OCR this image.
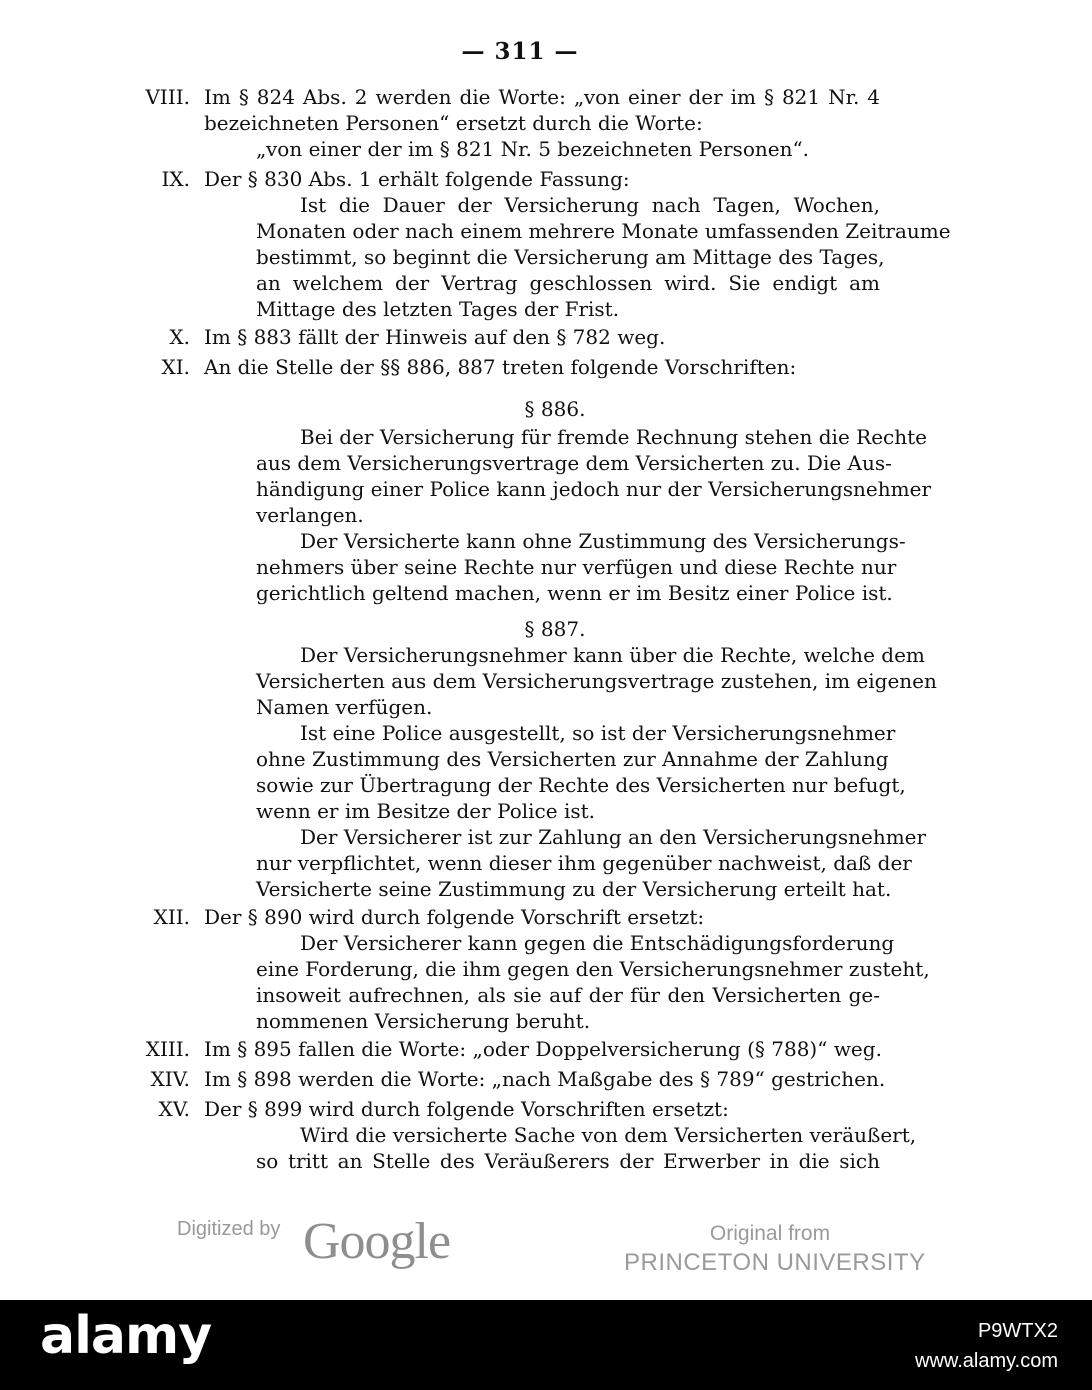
— 311 —
VIII. Im § 824 Abs. 2 werden die Worte: „von einer der im § 821 Nr. 4
bezeichneten Personen“ ersetzt durch die Worte:
„von einer der im § 821 Nr. 5 bezeichneten Personen“.
IX. Der § 830 Abs. 1 erhält folgende Fassung:
Ist die Dauer der Versicherung nach Tagen, Wochen,
Monaten oder nach einem mehrere Monate umfassenden Zeitraume
bestimmt, so beginnt die Versicherung am Mittage des Tages,
an welchem der Vertrag geschlossen wird. Sie endigt am
Mittage des letzten Tages der Frist.
X. Im § 883 fällt der Hinweis auf den § 782 weg.
XI. An die Stelle der §§ 886, 887 treten folgende Vorschriften:
§ 886.
Bei der Versicherung für fremde Rechnung stehen die Rechte
aus dem Versicherungsvertrage dem Versicherten zu. Die Aus-
händigung einer Police kann jedoch nur der Versicherungsnehmer
verlangen.
Der Versicherte kann ohne Zustimmung des Versicherungs-
nehmers über seine Rechte nur verfügen und diese Rechte nur
gerichtlich geltend machen, wenn er im Besitz einer Police ist.
§ 887.
Der Versicherungsnehmer kann über die Rechte, welche dem
Versicherten aus dem Versicherungsvertrage zustehen, im eigenen
Namen verfügen.
Ist eine Police ausgestellt, so ist der Versicherungsnehmer
ohne Zustimmung des Versicherten zur Annahme der Zahlung
sowie zur Übertragung der Rechte des Versicherten nur befugt,
wenn er im Besitze der Police ist.
Der Versicherer ist zur Zahlung an den Versicherungsnehmer
nur verpflichtet, wenn dieser ihm gegenüber nachweist, daß der
Versicherte seine Zustimmung zu der Versicherung erteilt hat.
XII. Der § 890 wird durch folgende Vorschrift ersetzt:
Der Versicherer kann gegen die Entschädigungsforderung
eine Forderung, die ihm gegen den Versicherungsnehmer zusteht,
insoweit aufrechnen, als sie auf der für den Versicherten ge-
nommenen Versicherung beruht.
XIII. Im § 895 fallen die Worte: „oder Doppelversicherung (§ 788)“ weg.
XIV. Im § 898 werden die Worte: „nach Maßgabe des § 789“ gestrichen.
XV. Der § 899 wird durch folgende Vorschriften ersetzt:
Wird die versicherte Sache von dem Versicherten veräußert,
so tritt an Stelle des Veräußerers der Erwerber in die sich
Digitized by Google	Original from
PRINCETON UNIVERSITY
alamy	P9WTX2
www.alamy.com
